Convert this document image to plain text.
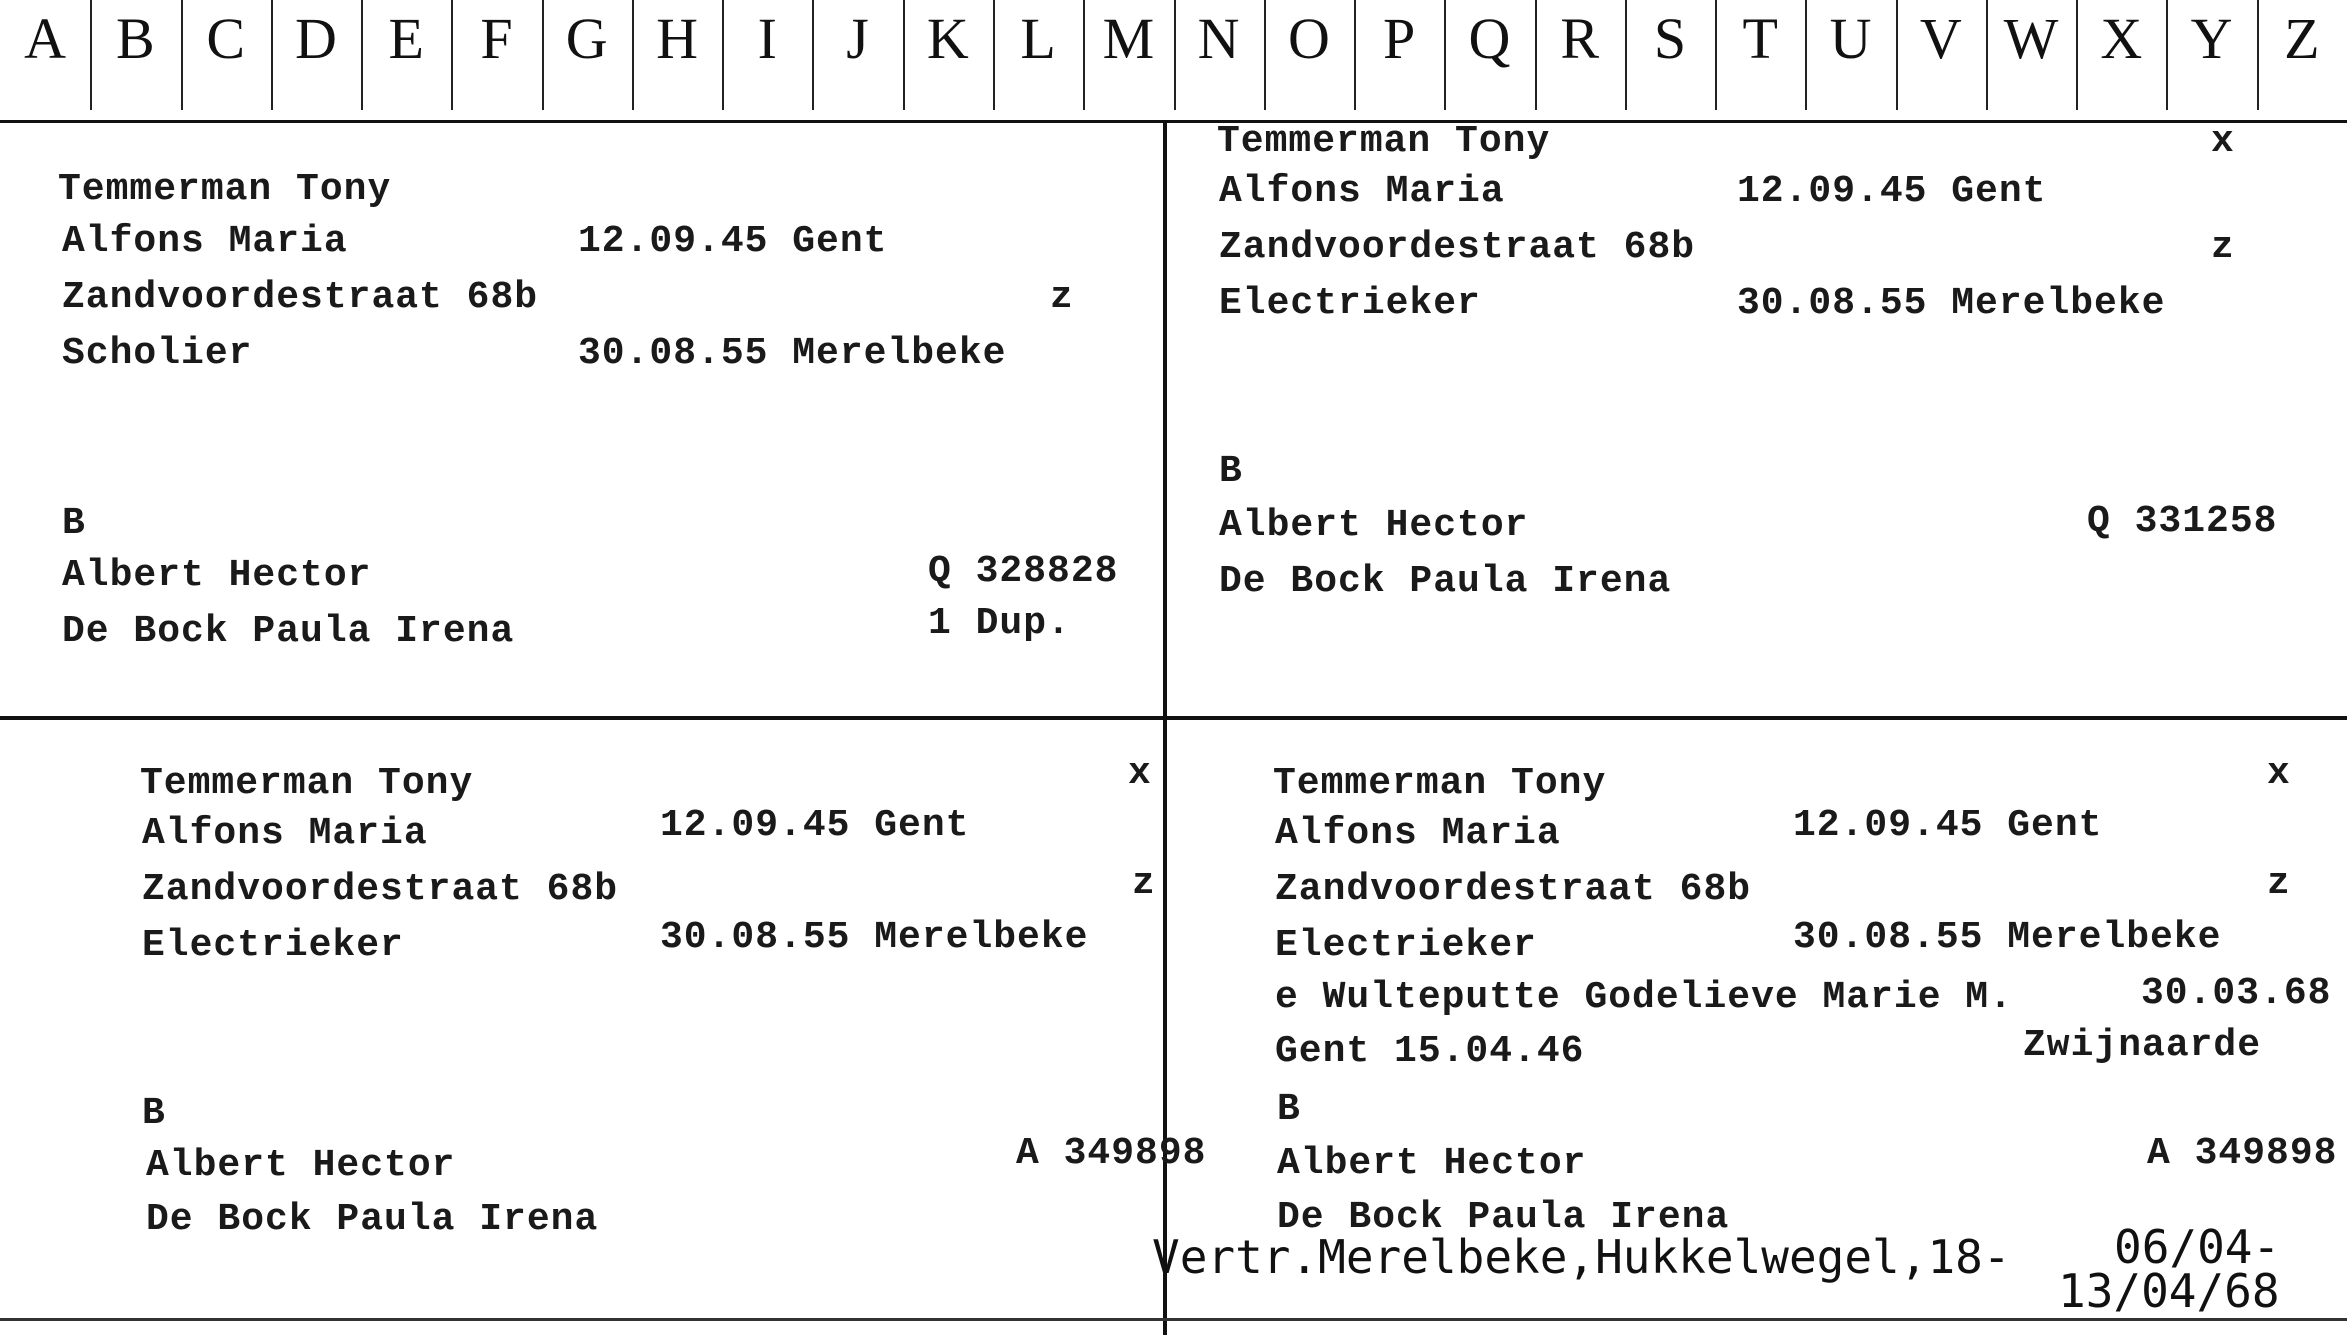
A B C D E F G H	I	J	K L M N O P Q R S T U V W X Y Z
Temmerman Tony
Alfons Maria	12.09.45 Gent
Zandvoordestraat 68b	z
Scholier	30.08.55 Merelbeke
B
Albert Hector	Q 328828
De Bock Paula Irena	1 Dup.
Temmerman Tony	x
Alfons Maria	12.09.45 Gent
Zandvoordestraat 68b	z
Electrieker	30.08.55 Merelbeke
B
Albert Hector	Q 331258
De Bock Paula Irena
Temmerman Tony	x
Alfons Maria	12.09.45 Gent
Zandvoordestraat 68b	z
Electrieker	30.08.55 Merelbeke
B
Albert Hector	A 349898
De Bock Paula Irena
Temmerman Tony	x
Alfons Maria	12.09.45 Gent
Zandvoordestraat 68b	z
Electrieker	30.08.55 Merelbeke
e Wulteputte Godelieve Marie M.	30.03.68
Gent 15.04.46	Zwijnaarde
B
Albert Hector	A 349898
De Bock Paula Irena
Vertr.Merelbeke,Hukkelwegel,18- 06/04-
13/04/68
